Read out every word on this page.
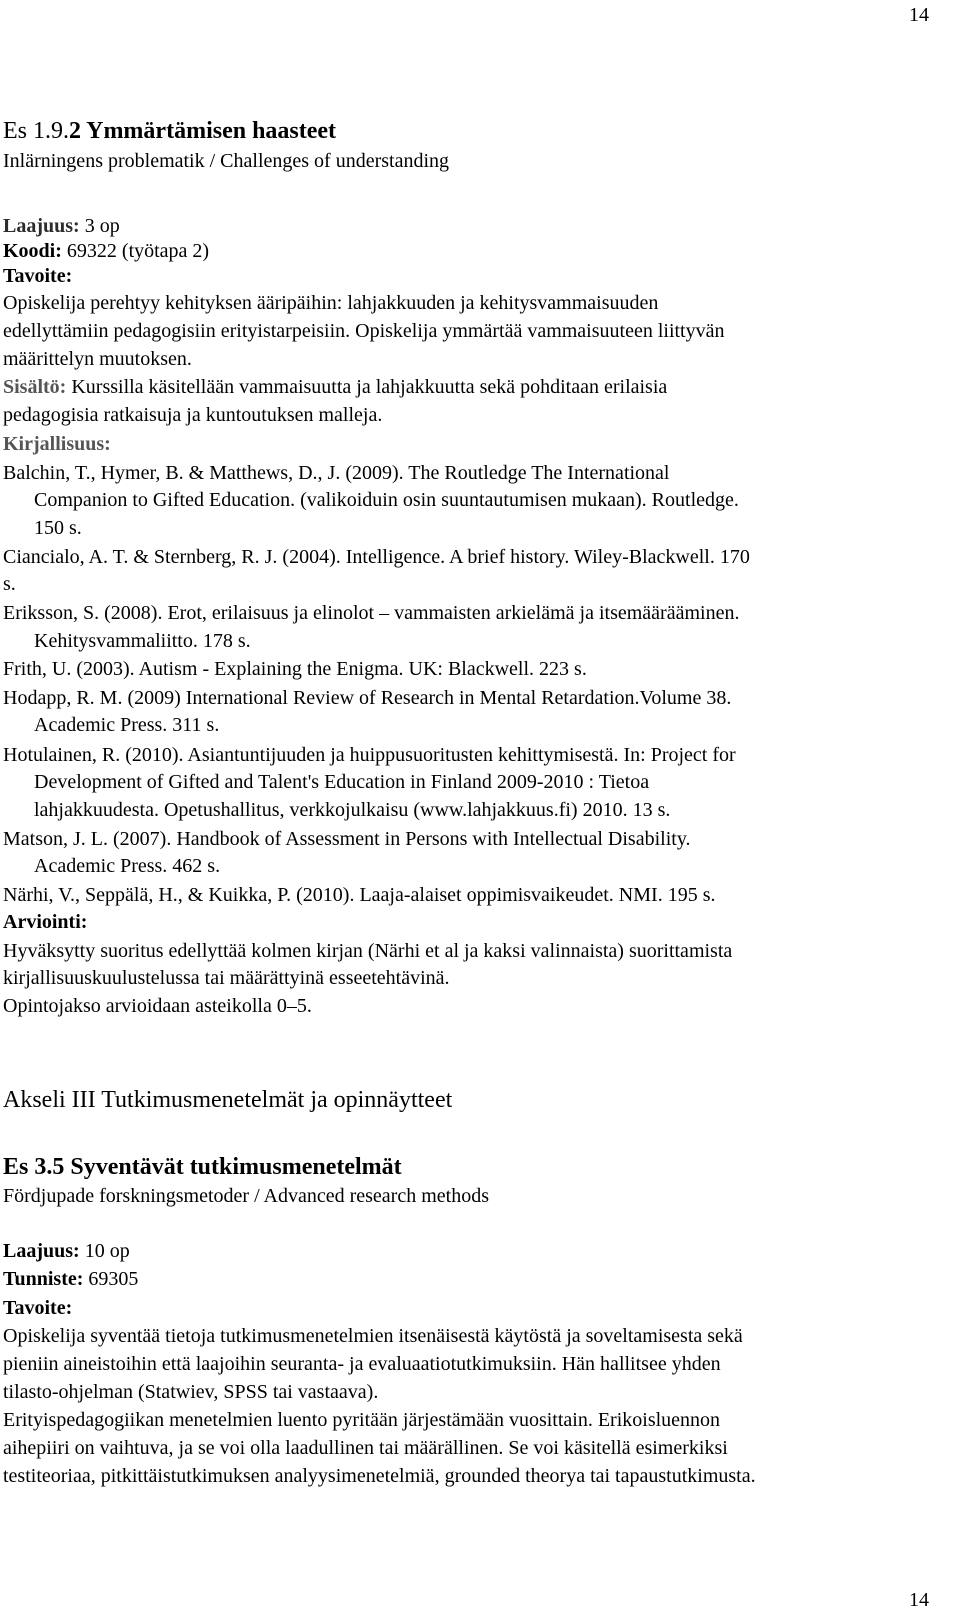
14
Es 1.9.2 Ymmärtämisen haasteet
Inlärningens problematik / Challenges of understanding
Laajuus: 3 op
Koodi: 69322 (työtapa 2)
Tavoite:
Opiskelija perehtyy kehityksen ääripäihin: lahjakkuuden ja kehitysvammaisuuden
edellyttämiin pedagogisiin erityistarpeisiin. Opiskelija ymmärtää vammaisuuteen liittyvän
määrittelyn muutoksen.
Sisältö: Kurssilla käsitellään vammaisuutta ja lahjakkuutta sekä pohditaan erilaisia
pedagogisia ratkaisuja ja kuntoutuksen malleja.
Kirjallisuus:
Balchin, T., Hymer, B. & Matthews, D., J. (2009). The Routledge The International
Companion to Gifted Education. (valikoiduin osin suuntautumisen mukaan). Routledge.
150 s.
Ciancialo, A. T. & Sternberg, R. J. (2004). Intelligence. A brief history. Wiley-Blackwell. 170
s.
Eriksson, S. (2008). Erot, erilaisuus ja elinolot – vammaisten arkielämä ja itsemäärääminen.
Kehitysvammaliitto. 178 s.
Frith, U. (2003). Autism - Explaining the Enigma. UK: Blackwell. 223 s.
Hodapp, R. M. (2009) International Review of Research in Mental Retardation.Volume 38.
Academic Press. 311 s.
Hotulainen, R. (2010). Asiantuntijuuden ja huippusuoritusten kehittymisestä. In: Project for
Development of Gifted and Talent's Education in Finland 2009-2010 : Tietoa
lahjakkuudesta. Opetushallitus, verkkojulkaisu (www.lahjakkuus.fi) 2010. 13 s.
Matson, J. L. (2007). Handbook of Assessment in Persons with Intellectual Disability.
Academic Press. 462 s.
Närhi, V., Seppälä, H., & Kuikka, P. (2010). Laaja-alaiset oppimisvaikeudet. NMI. 195 s.
Arviointi:
Hyväksytty suoritus edellyttää kolmen kirjan (Närhi et al ja kaksi valinnaista) suorittamista
kirjallisuuskuulustelussa tai määrättyinä esseetehtävinä.
Opintojakso arvioidaan asteikolla 0–5.
Akseli III Tutkimusmenetelmät ja opinnäytteet
Es 3.5 Syventävät tutkimusmenetelmät
Fördjupade forskningsmetoder / Advanced research methods
Laajuus: 10 op
Tunniste: 69305
Tavoite:
Opiskelija syventää tietoja tutkimusmenetelmien itsenäisestä käytöstä ja soveltamisesta sekä
pieniin aineistoihin että laajoihin seuranta- ja evaluaatiotutkimuksiin. Hän hallitsee yhden
tilasto-ohjelman (Statwiev, SPSS tai vastaava).
Erityispedagogiikan menetelmien luento pyritään järjestämään vuosittain. Erikoisluennon
aihepiiri on vaihtuva, ja se voi olla laadullinen tai määrällinen. Se voi käsitellä esimerkiksi
testiteoriaa, pitkittäistutkimuksen analyysimenetelmiä, grounded theorya tai tapaustutkimusta.
14
